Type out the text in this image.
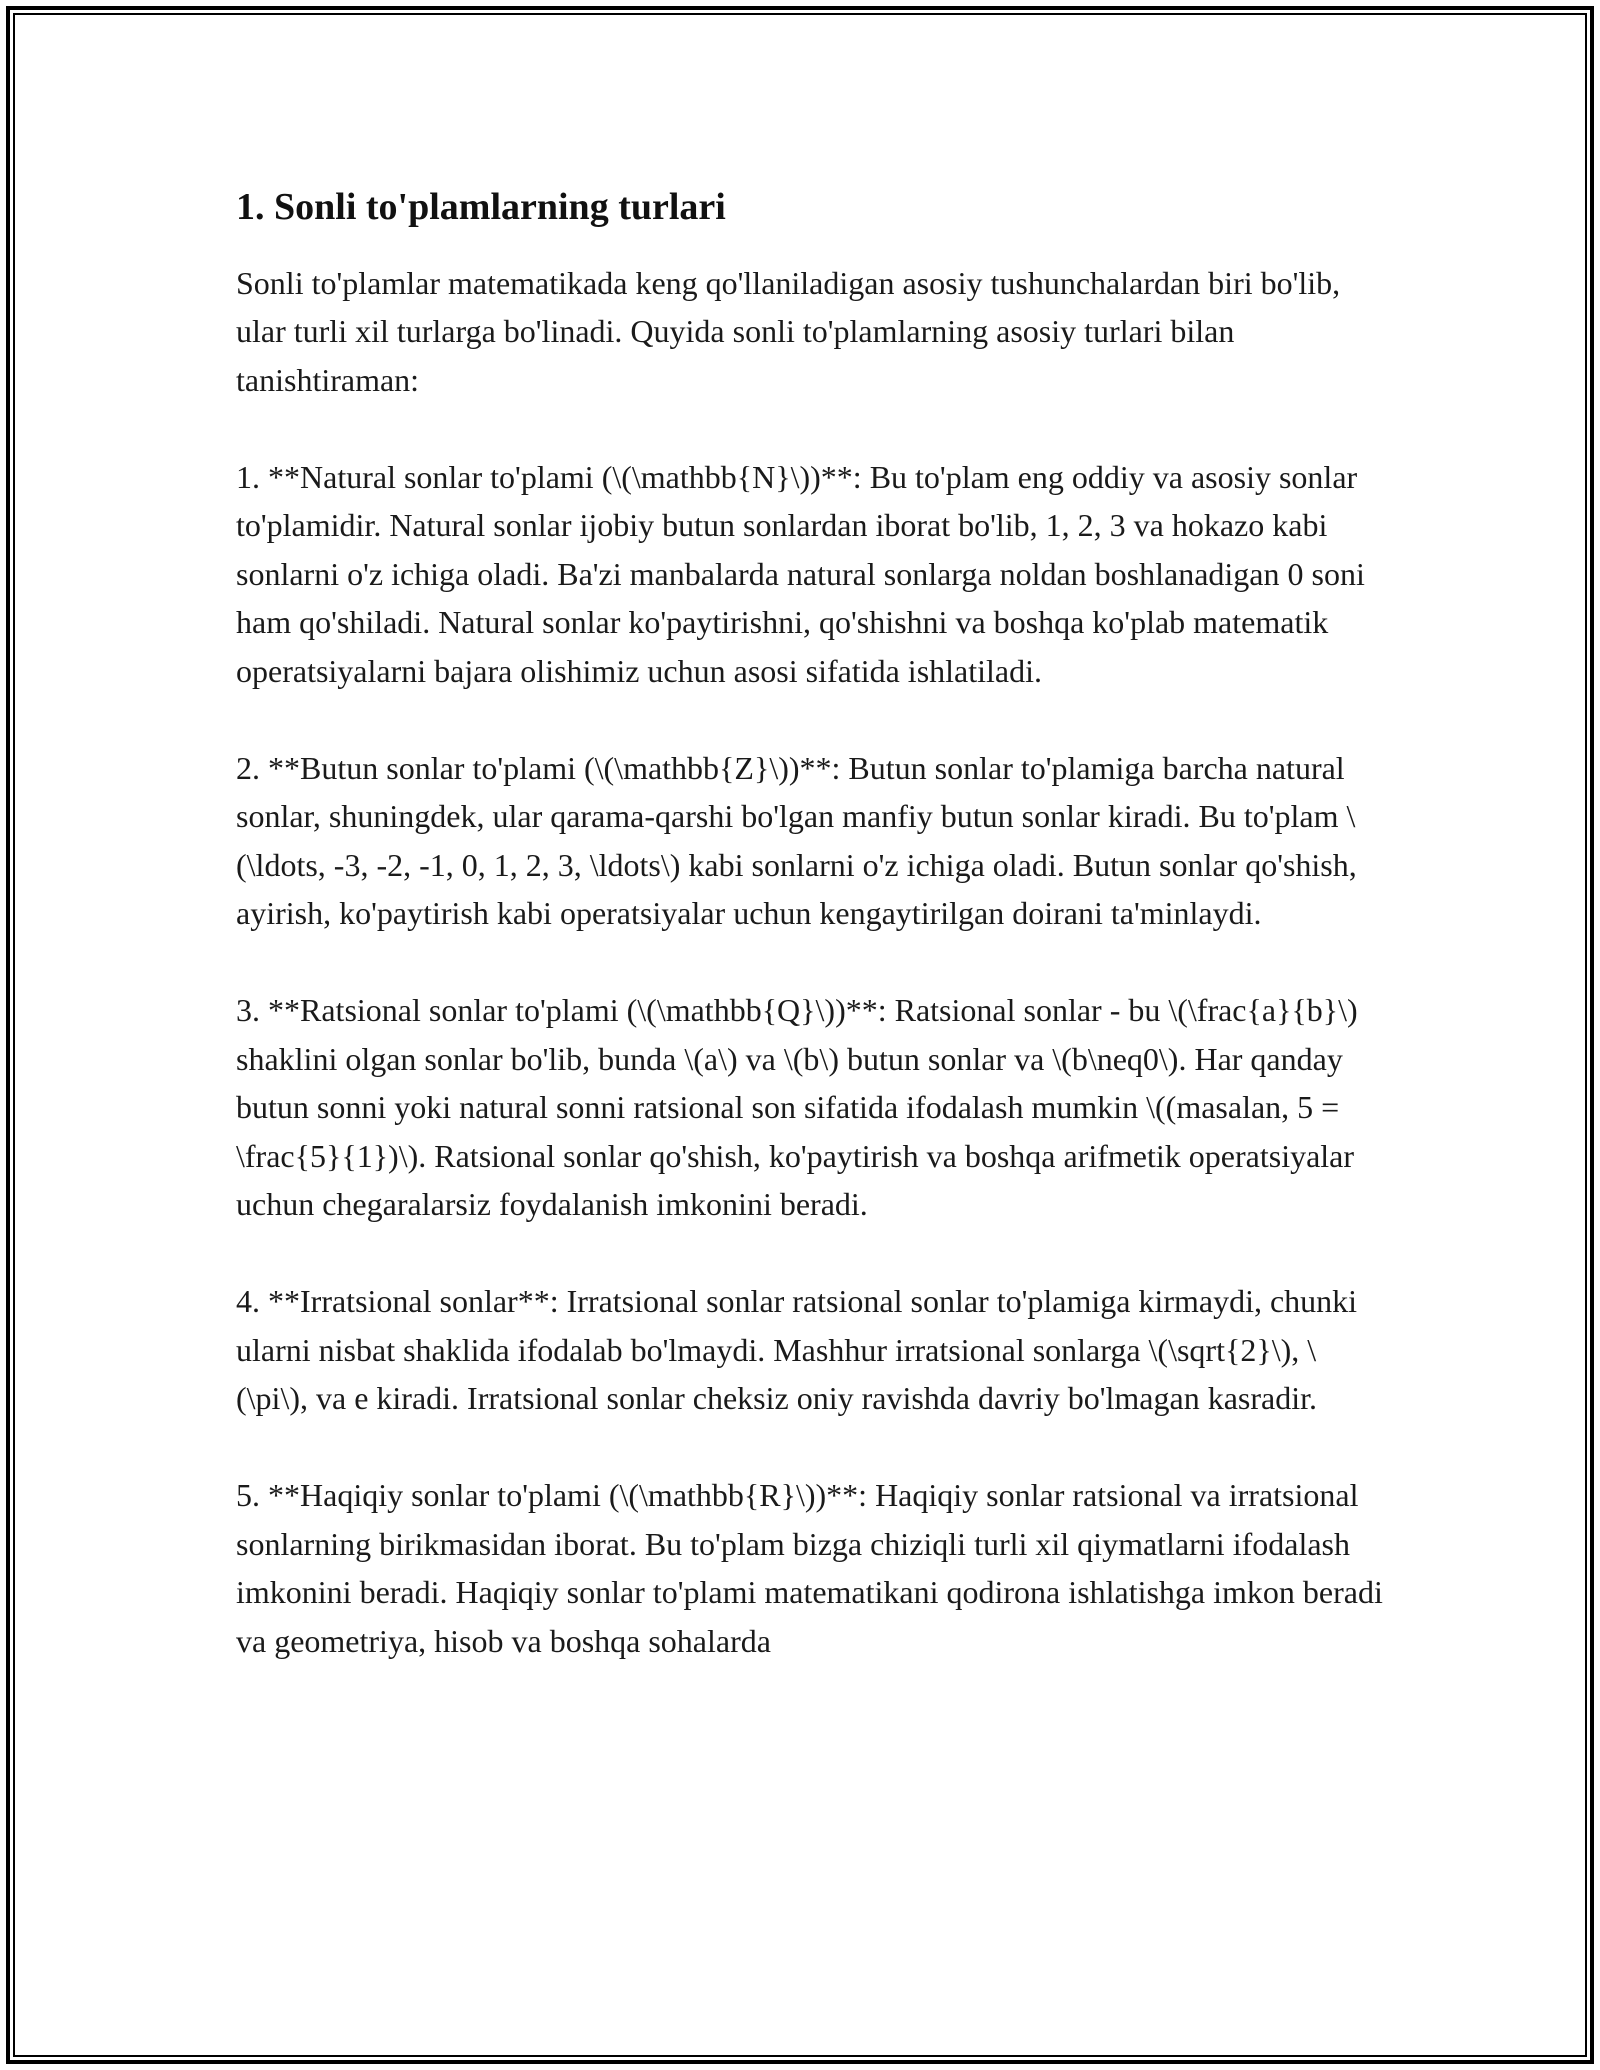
1. Sonli to'plamlarning turlari

Sonli to'plamlar matematikada keng qo'llaniladigan asosiy tushunchalardan biri bo'lib, ular turli xil turlarga bo'linadi. Quyida sonli to'plamlarning asosiy turlari bilan tanishtiraman:

1. **Natural sonlar to'plami (\(\mathbb{N}\))**: Bu to'plam eng oddiy va asosiy sonlar to'plamidir. Natural sonlar ijobiy butun sonlardan iborat bo'lib, 1, 2, 3 va hokazo kabi sonlarni o'z ichiga oladi. Ba'zi manbalarda natural sonlarga noldan boshlanadigan 0 soni ham qo'shiladi. Natural sonlar ko'paytirishni, qo'shishni va boshqa ko'plab matematik operatsiyalarni bajara olishimiz uchun asosi sifatida ishlatiladi.

2. **Butun sonlar to'plami (\(\mathbb{Z}\))**: Butun sonlar to'plamiga barcha natural sonlar, shuningdek, ular qarama-qarshi bo'lgan manfiy butun sonlar kiradi. Bu to'plam \(\ldots, -3, -2, -1, 0, 1, 2, 3, \ldots\) kabi sonlarni o'z ichiga oladi. Butun sonlar qo'shish, ayirish, ko'paytirish kabi operatsiyalar uchun kengaytirilgan doirani ta'minlaydi.

3. **Ratsional sonlar to'plami (\(\mathbb{Q}\))**: Ratsional sonlar - bu \(\frac{a}{b}\) shaklini olgan sonlar bo'lib, bunda \(a\) va \(b\) butun sonlar va \(b\neq0\). Har qanday butun sonni yoki natural sonni ratsional son sifatida ifodalash mumkin \((masalan, 5 = \frac{5}{1})\). Ratsional sonlar qo'shish, ko'paytirish va boshqa arifmetik operatsiyalar uchun chegaralarsiz foydalanish imkonini beradi.

4. **Irratsional sonlar**: Irratsional sonlar ratsional sonlar to'plamiga kirmaydi, chunki ularni nisbat shaklida ifodalab bo'lmaydi. Mashhur irratsional sonlarga \(\sqrt{2}\), \(\pi\), va e kiradi. Irratsional sonlar cheksiz oniy ravishda davriy bo'lmagan kasradir.

5. **Haqiqiy sonlar to'plami (\(\mathbb{R}\))**: Haqiqiy sonlar ratsional va irratsional sonlarning birikmasidan iborat. Bu to'plam bizga chiziqli turli xil qiymatlarni ifodalash imkonini beradi. Haqiqiy sonlar to'plami matematikani qodirona ishlatishga imkon beradi va geometriya, hisob va boshqa sohalarda
